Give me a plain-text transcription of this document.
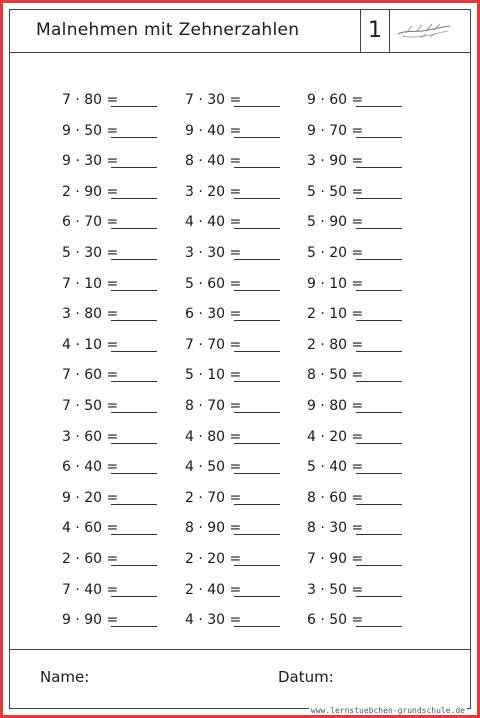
Malnehmen mit Zehnerzahlen	1
7 · 80 =	7 · 30 =	9 · 60 =
9 · 50 =	9 · 40 =	9 · 70 =
9 · 30 =	8 · 40 =	3 · 90 =
2 · 90 =	3 · 20 =	5 · 50 =
6 · 70 =	4 · 40 =	5 · 90 =
5 · 30 =	3 · 30 =	5 · 20 =
7 · 10 =	5 · 60 =	9 · 10 =
3 · 80 =	6 · 30 =	2 · 10 =
4 · 10 =	7 · 70 =	2 · 80 =
7 · 60 =	5 · 10 =	8 · 50 =
7 · 50 =	8 · 70 =	9 · 80 =
3 · 60 =	4 · 80 =	4 · 20 =
6 · 40 =	4 · 50 =	5 · 40 =
9 · 20 =	2 · 70 =	8 · 60 =
4 · 60 =	8 · 90 =	8 · 30 =
2 · 60 =	2 · 20 =	7 · 90 =
7 · 40 =	2 · 40 =	3 · 50 =
9 · 90 =	4 · 30 =	6 · 50 =
Name:	Datum:
www.lernstuebchen-grundschule.de
